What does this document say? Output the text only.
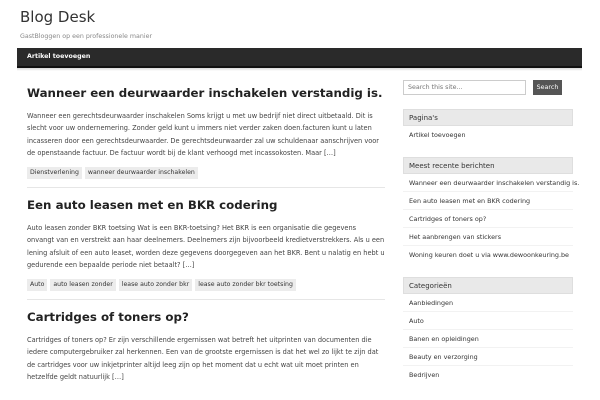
Blog Desk
GastBloggen op een professionele manier
Artikel toevoegen
Wanneer een deurwaarder inschakelen verstandig is.
Wanneer een gerechtsdeurwaarder inschakelen Soms krijgt u met uw bedrijf niet direct uitbetaald. Dit is slecht voor uw ondernemering. Zonder geld kunt u immers niet verder zaken doen.facturen kunt u laten incasseren door een gerechtsdeurwaarder. De gerechtsdeurwaarder zal uw schuldenaar aanschrijven voor de openstaande factuur. De factuur wordt bij de klant verhoogd met incassokosten. Maar […]
Dienstverlening	wanneer deurwaarder inschakelen
Een auto leasen met en BKR codering
Auto leasen zonder BKR toetsing Wat is een BKR-toetsing? Het BKR is een organisatie die gegevens onvangt van en verstrekt aan haar deelnemers. Deelnemers zijn bijvoorbeeld kredietverstrekkers. Als u een lening afsluit of een auto leaset, worden deze gegevens doorgegeven aan het BKR. Bent u nalatig en hebt u gedurende een bepaalde periode niet betaalt? […]
Auto	auto leasen zonder	lease auto zonder bkr	lease auto zonder bkr toetsing
Cartridges of toners op?
Cartridges of toners op? Er zijn verschillende ergernissen wat betreft het uitprinten van documenten die iedere computergebruiker zal herkennen. Een van de grootste ergernissen is dat het wel zo lijkt te zijn dat de cartridges voor uw inkjetprinter altijd leeg zijn op het moment dat u echt wat uit moet printen en hetzelfde geldt natuurlijk […]
Search this site...
Search
Pagina's
Artikel toevoegen
Meest recente berichten
Wanneer een deurwaarder inschakelen verstandig is.
Een auto leasen met en BKR codering
Cartridges of toners op?
Het aanbrengen van stickers
Woning keuren doet u via www.dewoonkeuring.be
Categorieën
Aanbiedingen
Auto
Banen en opleidingen
Beauty en verzorging
Bedrijven
